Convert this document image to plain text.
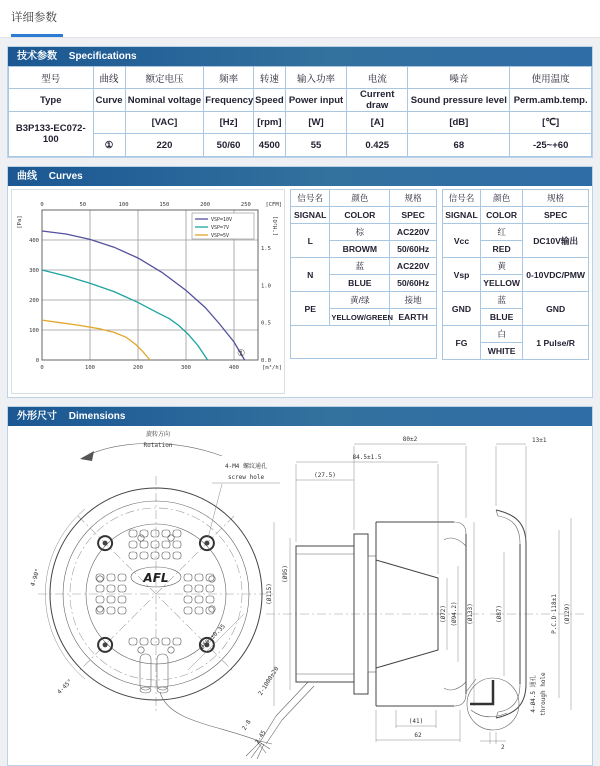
详细参数
技术参数 Specifications
型号	曲线	额定电压	频率	转速	输入功率	电流	噪音	使用温度
Type	Curve	Nominal voltage	Frequency	Speed	Power input	Current draw	Sound pressure level	Perm.amb.temp.
B3P133-EC072-100		[VAC]	[Hz]	[rpm]	[W]	[A]	[dB]	[℃]
	①	220	50/60	4500	55	0.425	68	-25~+60
曲线 Curves
0	100	200	300	400	[m³/h]
0	50	100	150	200	250	[CFM]
0
100
200
300
400
[Pa]
0.0
0.5
1.0
1.5
[″H₂O]
VSP=10V
VSP=7V
VSP=5V
①
信号名	颜色	规格
SIGNAL	COLOR	SPEC
L	棕	AC220V
	BROWM	50/60Hz
N	蓝	AC220V
	BLUE	50/60Hz
PE	黄/绿	接地
	YELLOW/GREEN	EARTH

信号名	颜色	规格
SIGNAL	COLOR	SPEC
Vcc	红	DC10V输出
	RED	
Vsp	黄	0-10VDC/PMW
	YELLOW	
GND	蓝	GND
	BLUE	
FG	白	1 Pulse/R
	WHITE	
外形尺寸 Dimensions
AFL
旋转方向
Rotation
4-M4 螺纹通孔
screw hole
4-90°
4-45°
Ø105±0.35
2-1000±20
2-8
2-45
80±2
84.5±1.5
(27.5)
(Ø115)
(Ø95)
(Ø72) (Ø94.2) (Ø133)
(41)
62
13±1
(Ø87)	P.C.D 118±1 (Ø129)
4-Ø4.5 通孔 through hole
2
